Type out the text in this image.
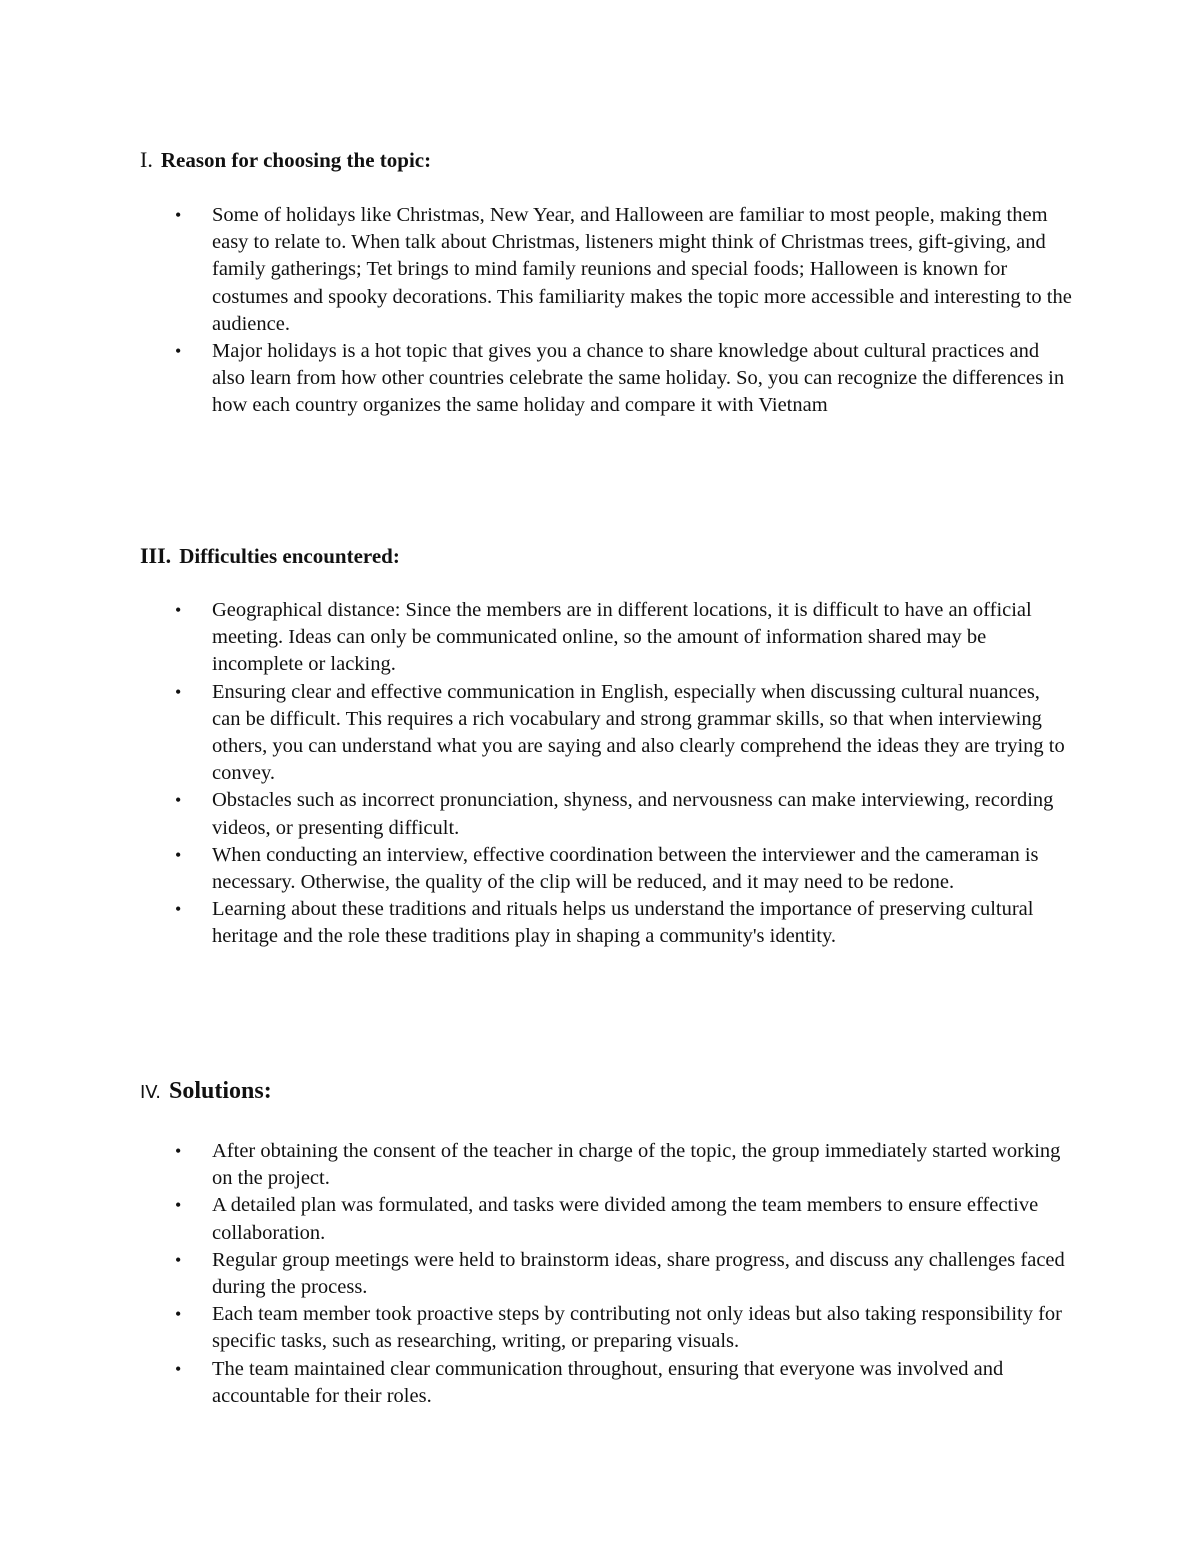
I. Reason for choosing the topic:
• Some of holidays like Christmas, New Year, and Halloween are familiar to most people, making them easy to relate to. When talk about Christmas, listeners might think of Christmas trees, gift-giving, and family gatherings; Tet brings to mind family reunions and special foods; Halloween is known for costumes and spooky decorations. This familiarity makes the topic more accessible and interesting to the audience.
• Major holidays is a hot topic that gives you a chance to share knowledge about cultural practices and also learn from how other countries celebrate the same holiday. So, you can recognize the differences in how each country organizes the same holiday and compare it with Vietnam
III. Difficulties encountered:
• Geographical distance: Since the members are in different locations, it is difficult to have an official meeting. Ideas can only be communicated online, so the amount of information shared may be incomplete or lacking.
• Ensuring clear and effective communication in English, especially when discussing cultural nuances, can be difficult. This requires a rich vocabulary and strong grammar skills, so that when interviewing others, you can understand what you are saying and also clearly comprehend the ideas they are trying to convey.
• Obstacles such as incorrect pronunciation, shyness, and nervousness can make interviewing, recording videos, or presenting difficult.
• When conducting an interview, effective coordination between the interviewer and the cameraman is necessary. Otherwise, the quality of the clip will be reduced, and it may need to be redone.
• Learning about these traditions and rituals helps us understand the importance of preserving cultural heritage and the role these traditions play in shaping a community's identity.
IV. Solutions:
• After obtaining the consent of the teacher in charge of the topic, the group immediately started working on the project.
• A detailed plan was formulated, and tasks were divided among the team members to ensure effective collaboration.
• Regular group meetings were held to brainstorm ideas, share progress, and discuss any challenges faced during the process.
• Each team member took proactive steps by contributing not only ideas but also taking responsibility for specific tasks, such as researching, writing, or preparing visuals.
• The team maintained clear communication throughout, ensuring that everyone was involved and accountable for their roles.
